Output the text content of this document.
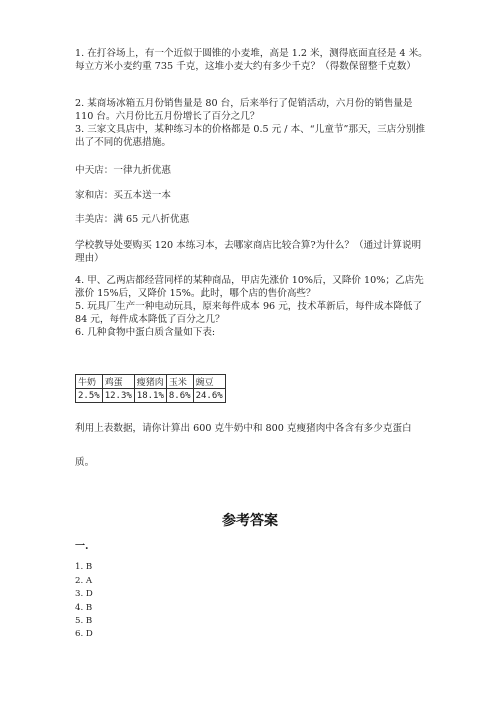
1. 在打谷场上，有一个近似于圆锥的小麦堆，高是 1.2 米，测得底面直径是 4 米。每立方米小麦约重 735 千克，这堆小麦大约有多少千克？（得数保留整千克数）

2. 某商场冰箱五月份销售量是 80 台，后来举行了促销活动，六月份的销售量是 110 台。六月份比五月份增长了百分之几？

3. 三家文具店中，某种练习本的价格都是 0.5 元 / 本、“儿童节”那天，三店分别推出了不同的优惠措施。

中天店：一律九折优惠

家和店：买五本送一本

丰美店：满 65 元八折优惠

学校教导处要购买 120 本练习本，去哪家商店比较合算?为什么？（通过计算说明理由）

4. 甲、乙两店都经营同样的某种商品，甲店先涨价 10%后，又降价 10%；乙店先涨价 15%后，又降价 15%。此时，哪个店的售价高些？

5. 玩具厂生产一种电动玩具，原来每件成本 96 元，技术革新后，每件成本降低了 84 元，每件成本降低了百分之几？

6. 几种食物中蛋白质含量如下表:

牛奶	鸡蛋	瘦猪肉	玉米	豌豆
2.5%	12.3%	18.1%	8.6%	24.6%

利用上表数据，请你计算出 600 克牛奶中和 800 克瘦猪肉中各含有多少克蛋白

质。

参考答案
一.
1. B
2. A
3. D
4. B
5. B
6. D
